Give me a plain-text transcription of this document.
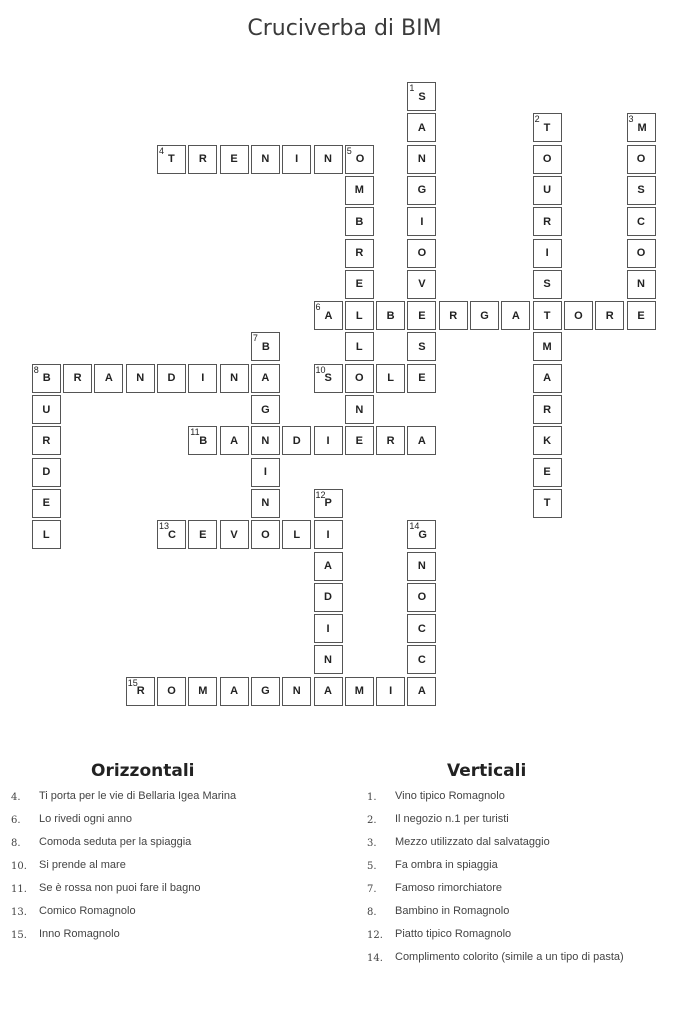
Cruciverba di BIM
4
T	R	E	N	I	N
5
O
6
A	L	B	E	R	G	A	T	O	R	E
8
B	R	A	N	D	I	N	A
10
S	O	L	E
11
B	A	N	D	I	E	R	A
13
C	E	V	O	L	I
15
R	O	M	A	G	N	A	M	I	A
1
S
A
N
G
I
O
V
S
2
T
O
U
R
I
S
M
A
R
K
E
T
3
M
O
S
C
O
N
M
B
R
E
L
N
7
B
G
I
N
U
R
D
E
L
12
P
A
D
I
N
14
G
N
O
C
C
Orizzontali	Verticali
4.	Ti porta per le vie di Bellaria Igea Marina
6.	Lo rivedi ogni anno
8.	Comoda seduta per la spiaggia
10.	Si prende al mare
11.	Se è rossa non puoi fare il bagno
13.	Comico Romagnolo
15.	Inno Romagnolo
1.	Vino tipico Romagnolo
2.	Il negozio n.1 per turisti
3.	Mezzo utilizzato dal salvataggio
5.	Fa ombra in spiaggia
7.	Famoso rimorchiatore
8.	Bambino in Romagnolo
12.	Piatto tipico Romagnolo
14.	Complimento colorito (simile a un tipo di pasta)
